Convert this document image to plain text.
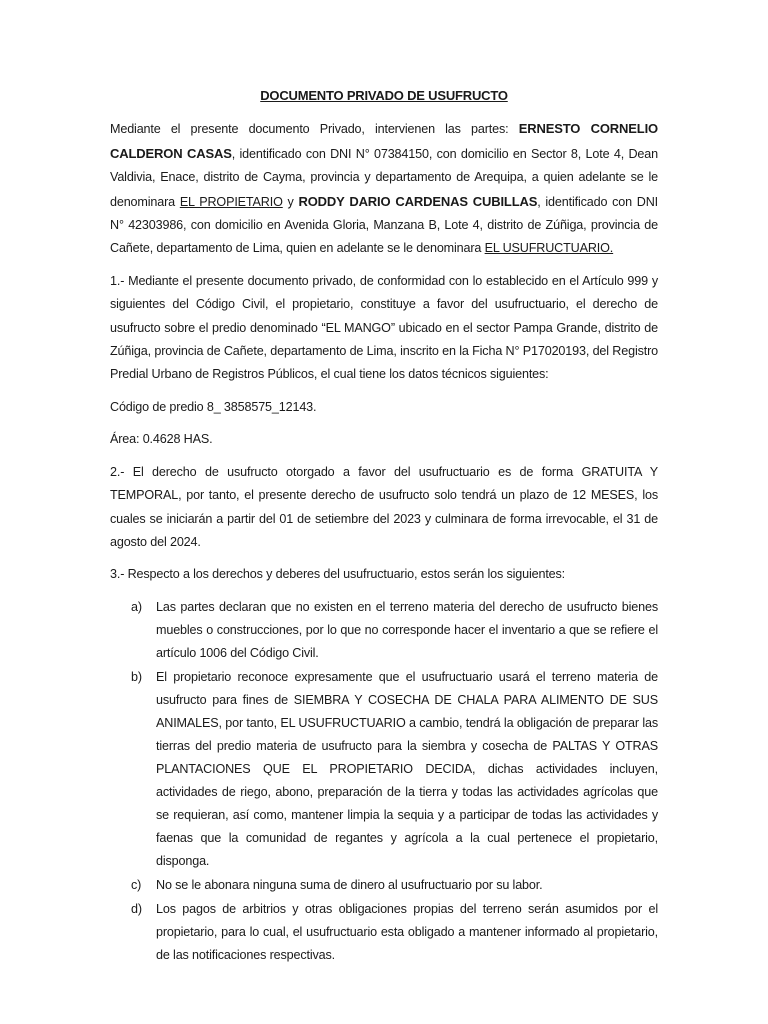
DOCUMENTO PRIVADO DE USUFRUCTO

Mediante el presente documento Privado, intervienen las partes: ERNESTO CORNELIO CALDERON CASAS, identificado con DNI N° 07384150, con domicilio en Sector 8, Lote 4, Dean Valdivia, Enace, distrito de Cayma, provincia y departamento de Arequipa, a quien adelante se le denominara EL PROPIETARIO y RODDY DARIO CARDENAS CUBILLAS, identificado con DNI N° 42303986, con domicilio en Avenida Gloria, Manzana B, Lote 4, distrito de Zúñiga, provincia de Cañete, departamento de Lima, quien en adelante se le denominara EL USUFRUCTUARIO.

1.- Mediante el presente documento privado, de conformidad con lo establecido en el Artículo 999 y siguientes del Código Civil, el propietario, constituye a favor del usufructuario, el derecho de usufructo sobre el predio denominado “EL MANGO” ubicado en el sector Pampa Grande, distrito de Zúñiga, provincia de Cañete, departamento de Lima, inscrito en la Ficha N° P17020193, del Registro Predial Urbano de Registros Públicos, el cual tiene los datos técnicos siguientes:

Código de predio 8_ 3858575_12143.

Área: 0.4628 HAS.

2.- El derecho de usufructo otorgado a favor del usufructuario es de forma GRATUITA Y TEMPORAL, por tanto, el presente derecho de usufructo solo tendrá un plazo de 12 MESES, los cuales se iniciarán a partir del 01 de setiembre del 2023 y culminara de forma irrevocable, el 31 de agosto del 2024.

3.- Respecto a los derechos y deberes del usufructuario, estos serán los siguientes:

a) Las partes declaran que no existen en el terreno materia del derecho de usufructo bienes muebles o construcciones, por lo que no corresponde hacer el inventario a que se refiere el artículo 1006 del Código Civil.
b) El propietario reconoce expresamente que el usufructuario usará el terreno materia de usufructo para fines de SIEMBRA Y COSECHA DE CHALA PARA ALIMENTO DE SUS ANIMALES, por tanto, EL USUFRUCTUARIO a cambio, tendrá la obligación de preparar las tierras del predio materia de usufructo para la siembra y cosecha de PALTAS Y OTRAS PLANTACIONES QUE EL PROPIETARIO DECIDA, dichas actividades incluyen, actividades de riego, abono, preparación de la tierra y todas las actividades agrícolas que se requieran, así como, mantener limpia la sequia y a participar de todas las actividades y faenas que la comunidad de regantes y agrícola a la cual pertenece el propietario, disponga.
c) No se le abonara ninguna suma de dinero al usufructuario por su labor.
d) Los pagos de arbitrios y otras obligaciones propias del terreno serán asumidos por el propietario, para lo cual, el usufructuario esta obligado a mantener informado al propietario, de las notificaciones respectivas.
